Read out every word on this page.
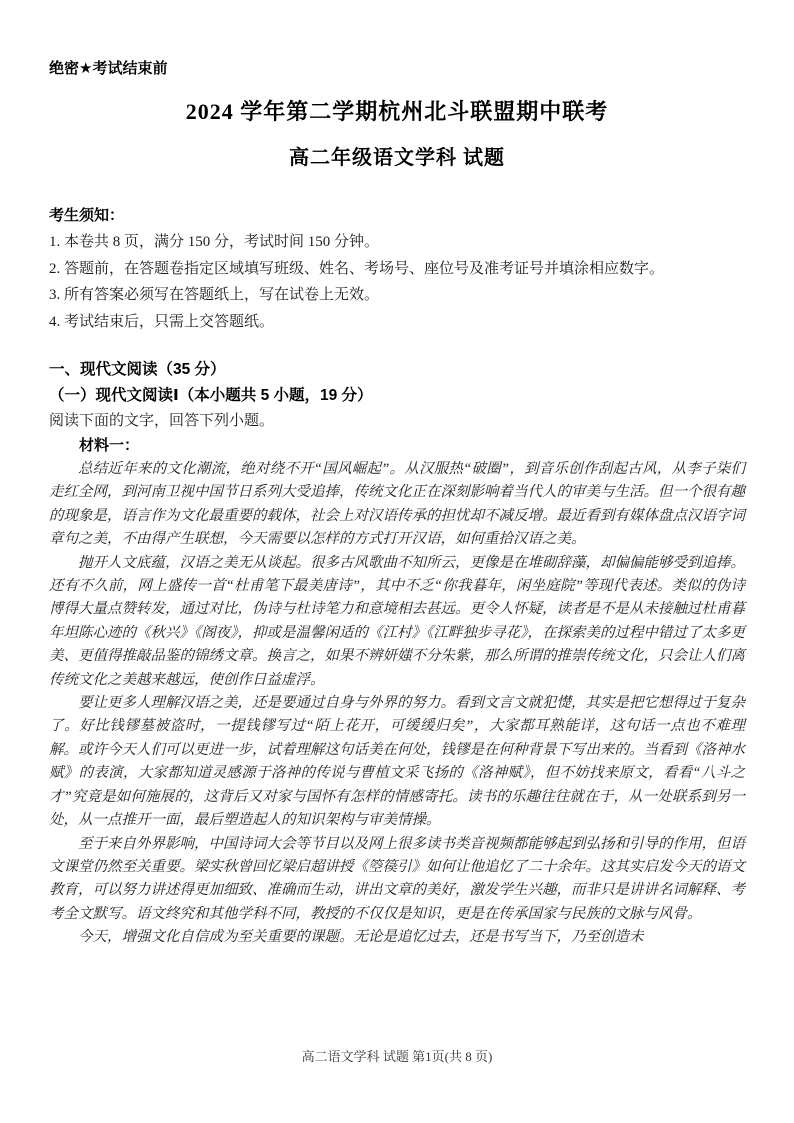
绝密★考试结束前
2024 学年第二学期杭州北斗联盟期中联考
高二年级语文学科 试题
考生须知：
1. 本卷共 8 页，满分 150 分，考试时间 150 分钟。
2. 答题前，在答题卷指定区域填写班级、姓名、考场号、座位号及准考证号并填涂相应数字。
3. 所有答案必须写在答题纸上，写在试卷上无效。
4. 考试结束后，只需上交答题纸。
一、现代文阅读（35 分）
（一）现代文阅读Ⅰ（本小题共 5 小题，19 分）
阅读下面的文字，回答下列小题。
材料一：

总结近年来的文化潮流，绝对绕不开“国风崛起”。从汉服热“破圈”，到音乐创作刮起古风，从李子柒们走红全网，到河南卫视中国节日系列大受追捧，传统文化正在深刻影响着当代人的审美与生活。但一个很有趣的现象是，语言作为文化最重要的载体，社会上对汉语传承的担忧却不减反增。最近看到有媒体盘点汉语字词章句之美，不由得产生联想，今天需要以怎样的方式打开汉语，如何重拾汉语之美。

抛开人文底蕴，汉语之美无从谈起。很多古风歌曲不知所云，更像是在堆砌辞藻，却偏偏能够受到追捧。还有不久前，网上盛传一首“杜甫笔下最美唐诗”，其中不乏“你我暮年，闲坐庭院”等现代表述。类似的伪诗博得大量点赞转发，通过对比，伪诗与杜诗笔力和意境相去甚远。更令人怀疑，读者是不是从未接触过杜甫暮年坦陈心迹的《秋兴》《阁夜》，抑或是温馨闲适的《江村》《江畔独步寻花》，在探索美的过程中错过了太多更美、更值得推敲品鉴的锦绣文章。换言之，如果不辨妍媸不分朱紫，那么所谓的推崇传统文化，只会让人们离传统文化之美越来越远，使创作日益虚浮。

要让更多人理解汉语之美，还是要通过自身与外界的努力。看到文言文就犯憷，其实是把它想得过于复杂了。好比钱镠墓被盗时，一提钱镠写过“陌上花开，可缓缓归矣”，大家都耳熟能详，这句话一点也不难理解。或许今天人们可以更进一步，试着理解这句话美在何处，钱镠是在何种背景下写出来的。当看到《洛神水赋》的表演，大家都知道灵感源于洛神的传说与曹植文采飞扬的《洛神赋》，但不妨找来原文，看看“八斗之才”究竟是如何施展的，这背后又对家与国怀有怎样的情感寄托。读书的乐趣往往就在于，从一处联系到另一处，从一点推开一面，最后塑造起人的知识架构与审美情操。

至于来自外界影响，中国诗词大会等节目以及网上很多读书类音视频都能够起到弘扬和引导的作用，但语文课堂仍然至关重要。梁实秋曾回忆梁启超讲授《箜篌引》如何让他追忆了二十余年。这其实启发今天的语文教育，可以努力讲述得更加细致、准确而生动，讲出文章的美好，激发学生兴趣，而非只是讲讲名词解释、考考全文默写。语文终究和其他学科不同，教授的不仅仅是知识，更是在传承国家与民族的文脉与风骨。

今天，增强文化自信成为至关重要的课题。无论是追忆过去，还是书写当下，乃至创造未

高二语文学科 试题 第1页(共 8 页)
